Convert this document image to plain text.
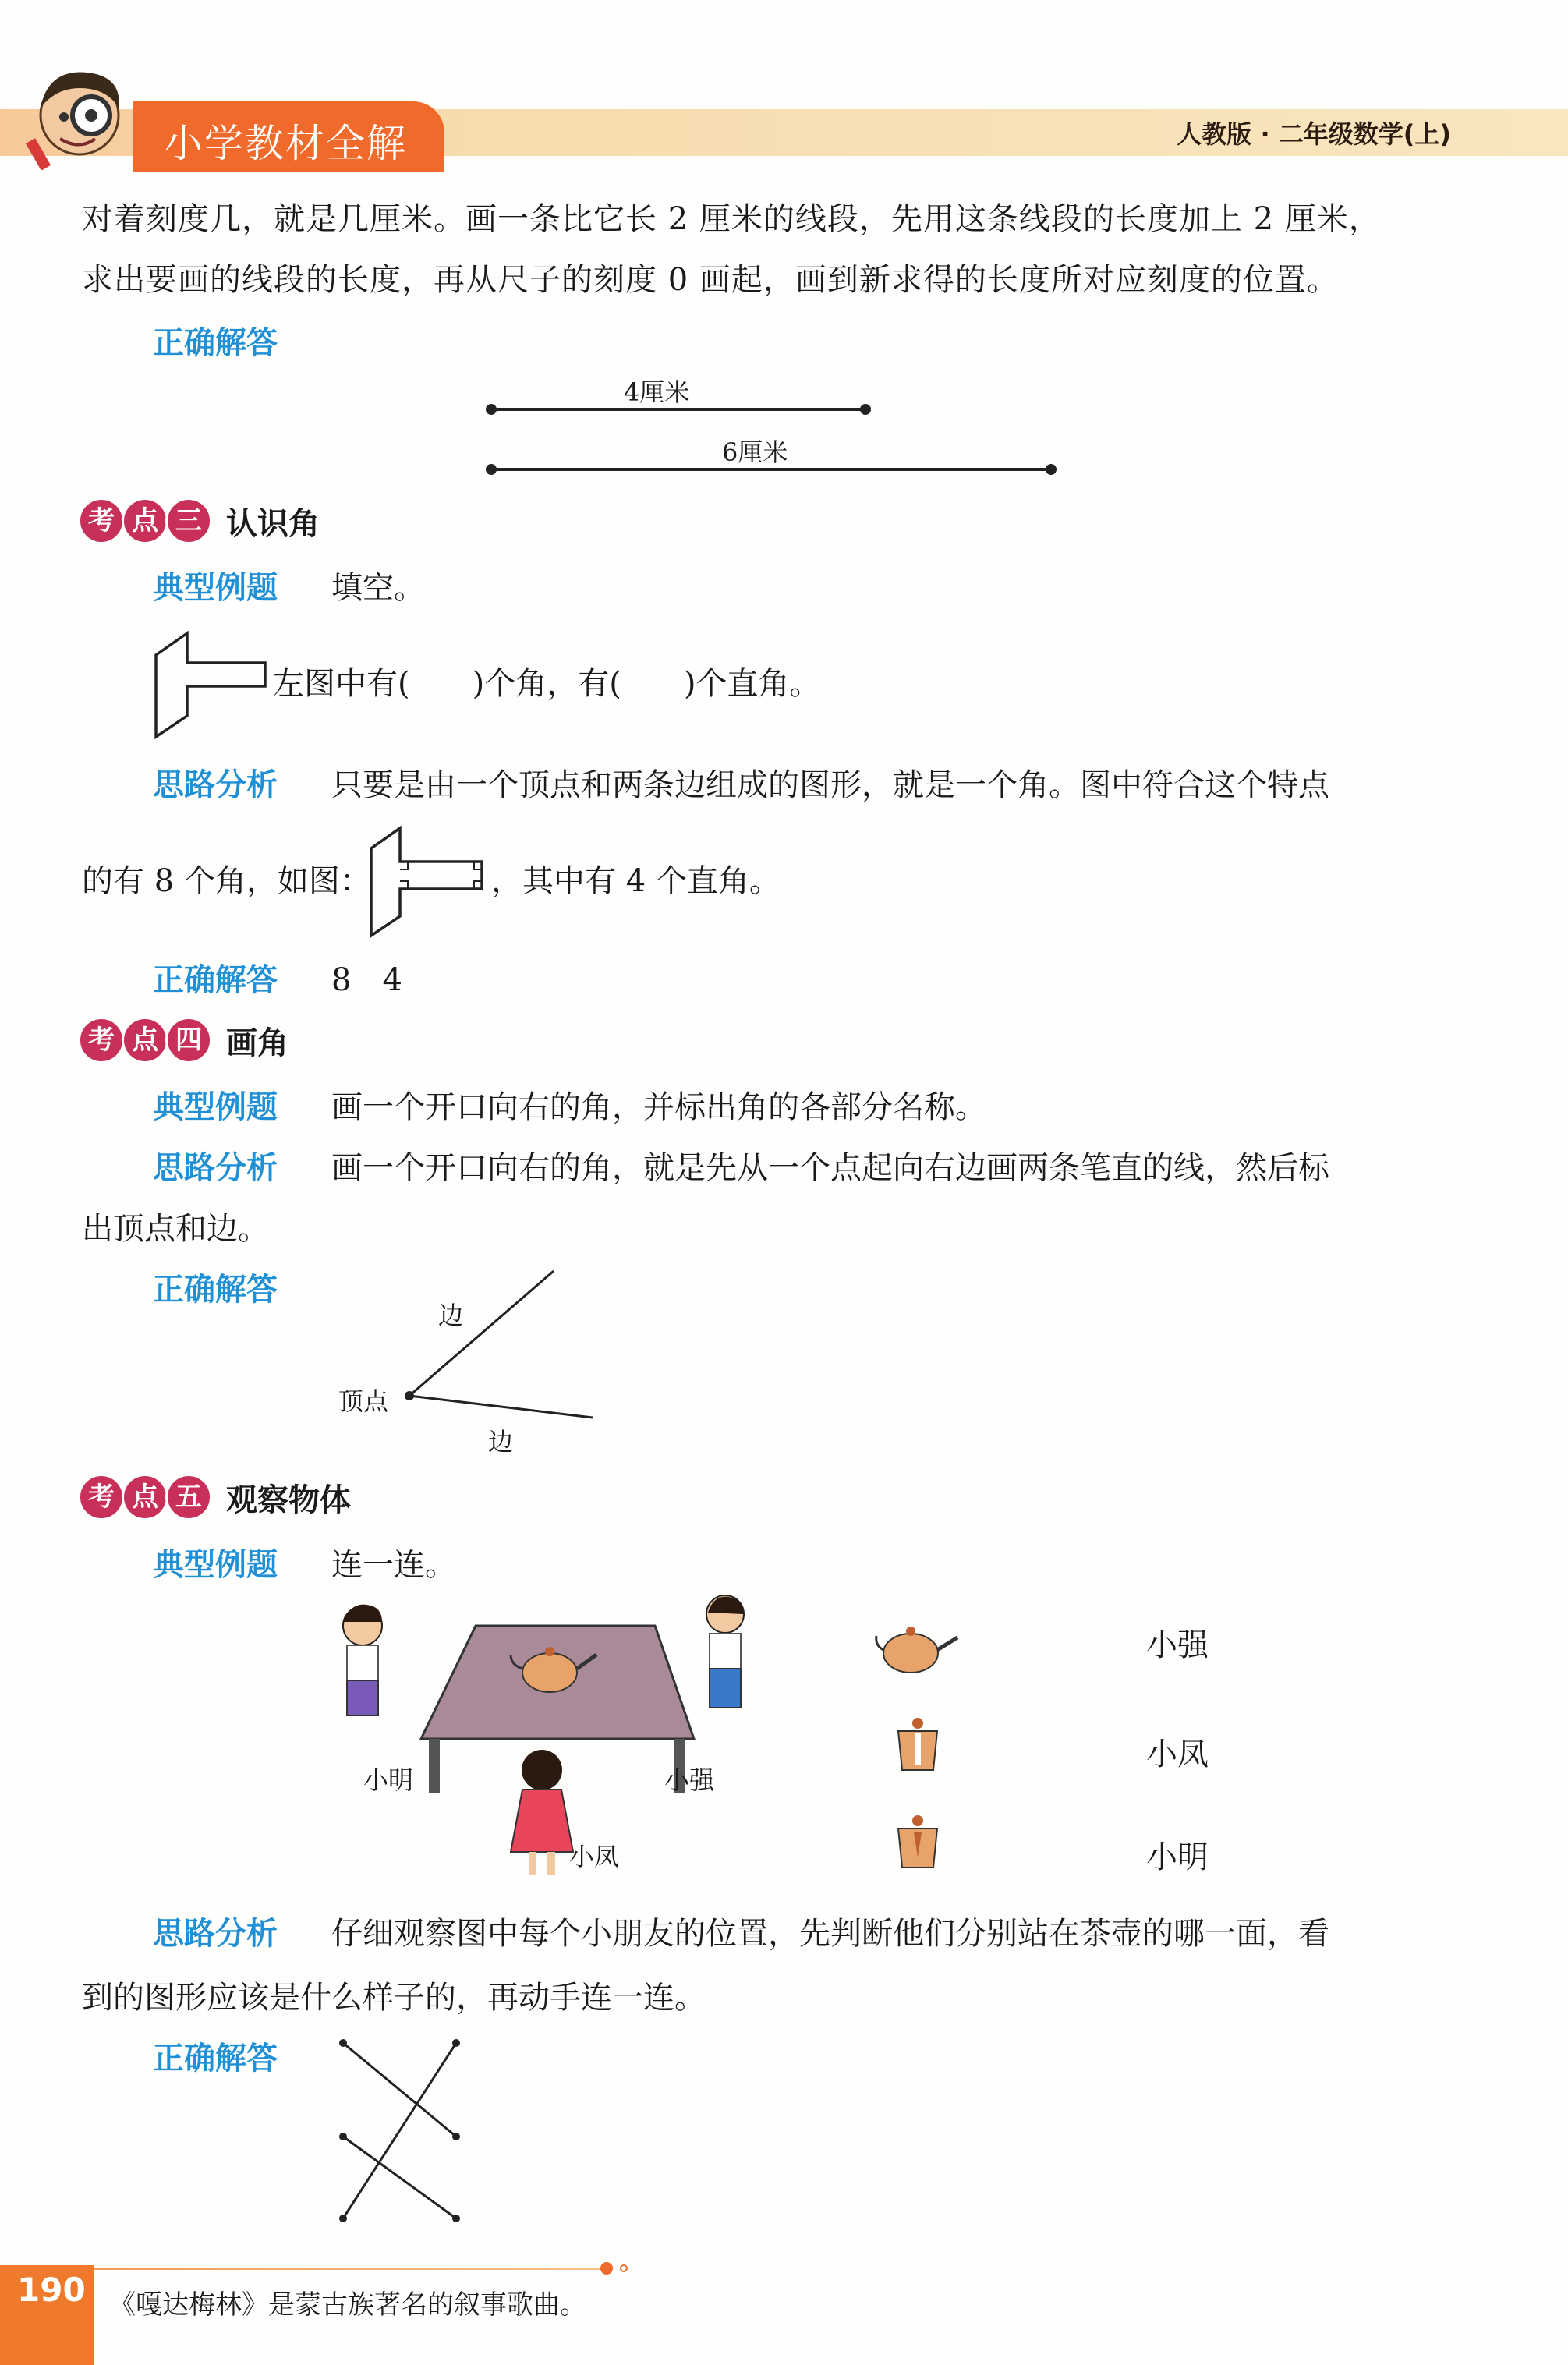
小学教材全解	人教版 · 二年级数学(上)
对着刻度几，就是几厘米。画一条比它长 2 厘米的线段，先用这条线段的长度加上 2 厘米，
求出要画的线段的长度，再从尺子的刻度 0 画起，画到新求得的长度所对应刻度的位置。
正确解答
4厘米
6厘米
考 点 三 认识角
典型例题 填空。
左图中有(　　)个角，有(　　)个直角。
思路分析 只要是由一个顶点和两条边组成的图形，就是一个角。图中符合这个特点
的有 8 个角，如图：	，其中有 4 个直角。
正确解答 8　4
考 点 四 画角
典型例题 画一个开口向右的角，并标出角的各部分名称。
思路分析 画一个开口向右的角，就是先从一个点起向右边画两条笔直的线，然后标
出顶点和边。
正确解答
边
顶点
边
考 点 五 观察物体
典型例题 连一连。
小明	小强
小凤
小强
小凤
小明
思路分析 仔细观察图中每个小朋友的位置，先判断他们分别站在茶壶的哪一面，看
到的图形应该是什么样子的，再动手连一连。
正确解答
190 《嘎达梅林》是蒙古族著名的叙事歌曲。
